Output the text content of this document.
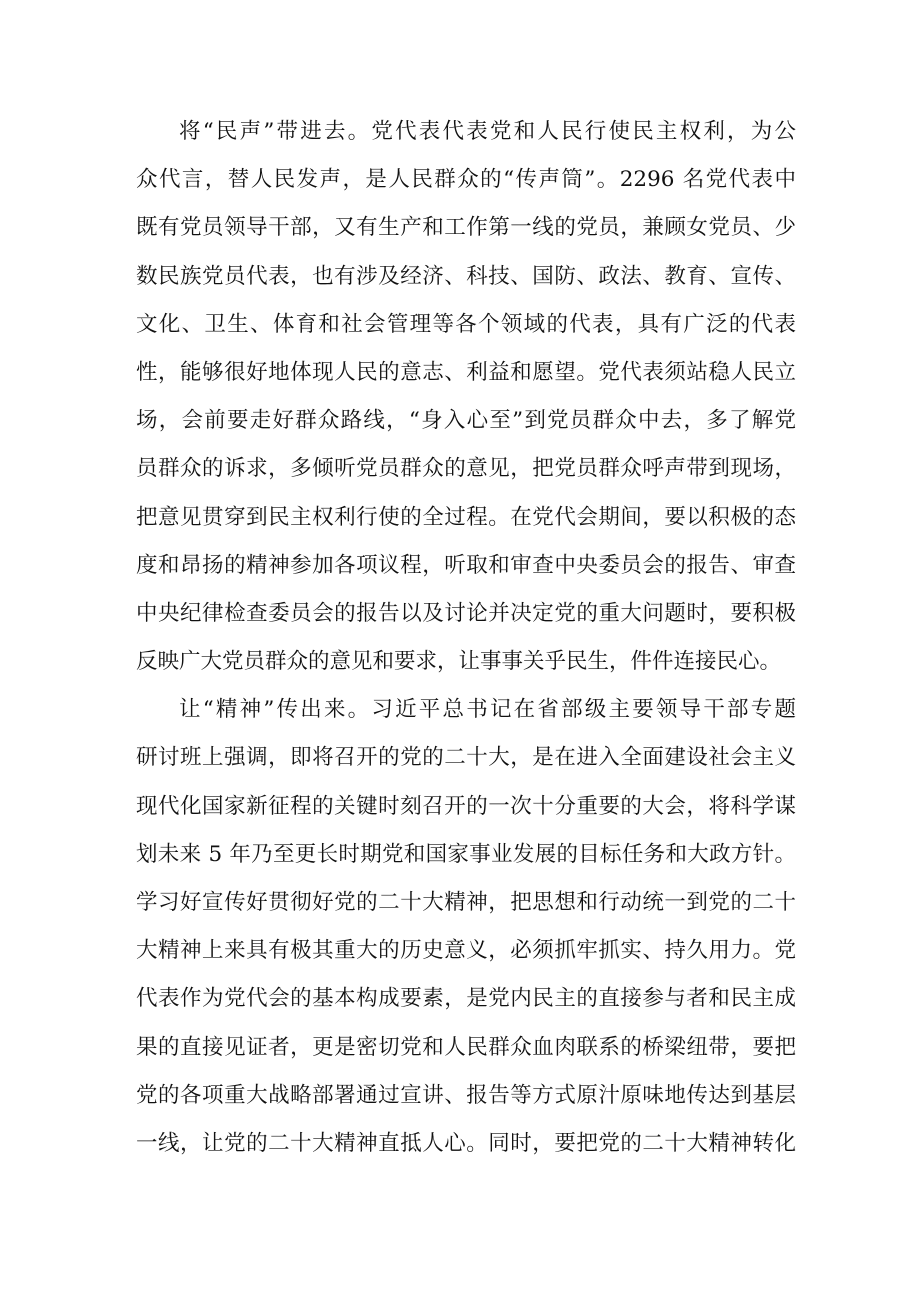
将“民声”带进去。党代表代表党和人民行使民主权利，为公
众代言，替人民发声，是人民群众的“传声筒”。2296 名党代表中
既有党员领导干部，又有生产和工作第一线的党员，兼顾女党员、少
数民族党员代表，也有涉及经济、科技、国防、政法、教育、宣传、
文化、卫生、体育和社会管理等各个领域的代表，具有广泛的代表
性，能够很好地体现人民的意志、利益和愿望。党代表须站稳人民立
场，会前要走好群众路线，“身入心至”到党员群众中去，多了解党
员群众的诉求，多倾听党员群众的意见，把党员群众呼声带到现场，
把意见贯穿到民主权利行使的全过程。在党代会期间，要以积极的态
度和昂扬的精神参加各项议程，听取和审查中央委员会的报告、审查
中央纪律检查委员会的报告以及讨论并决定党的重大问题时，要积极
反映广大党员群众的意见和要求，让事事关乎民生，件件连接民心。
让“精神”传出来。习近平总书记在省部级主要领导干部专题
研讨班上强调，即将召开的党的二十大，是在进入全面建设社会主义
现代化国家新征程的关键时刻召开的一次十分重要的大会，将科学谋
划未来 5 年乃至更长时期党和国家事业发展的目标任务和大政方针。
学习好宣传好贯彻好党的二十大精神，把思想和行动统一到党的二十
大精神上来具有极其重大的历史意义，必须抓牢抓实、持久用力。党
代表作为党代会的基本构成要素，是党内民主的直接参与者和民主成
果的直接见证者，更是密切党和人民群众血肉联系的桥梁纽带，要把
党的各项重大战略部署通过宣讲、报告等方式原汁原味地传达到基层
一线，让党的二十大精神直抵人心。同时，要把党的二十大精神转化
